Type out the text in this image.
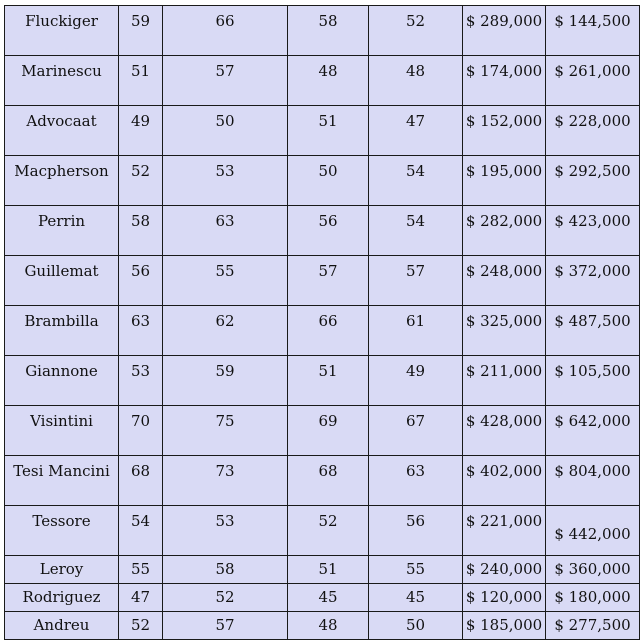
Fluckiger	59	66	58	52	$ 289,000	$ 144,500
Marinescu	51	57	48	48	$ 174,000	$ 261,000
Advocaat	49	50	51	47	$ 152,000	$ 228,000
Macpherson	52	53	50	54	$ 195,000	$ 292,500
Perrin	58	63	56	54	$ 282,000	$ 423,000
Guillemat	56	55	57	57	$ 248,000	$ 372,000
Brambilla	63	62	66	61	$ 325,000	$ 487,500
Giannone	53	59	51	49	$ 211,000	$ 105,500
Visintini	70	75	69	67	$ 428,000	$ 642,000
Tesi Mancini	68	73	68	63	$ 402,000	$ 804,000
Tessore	54	53	52	56	$ 221,000	$ 442,000
Leroy	55	58	51	55	$ 240,000	$ 360,000
Rodriguez	47	52	45	45	$ 120,000	$ 180,000
Andreu	52	57	48	50	$ 185,000	$ 277,500
